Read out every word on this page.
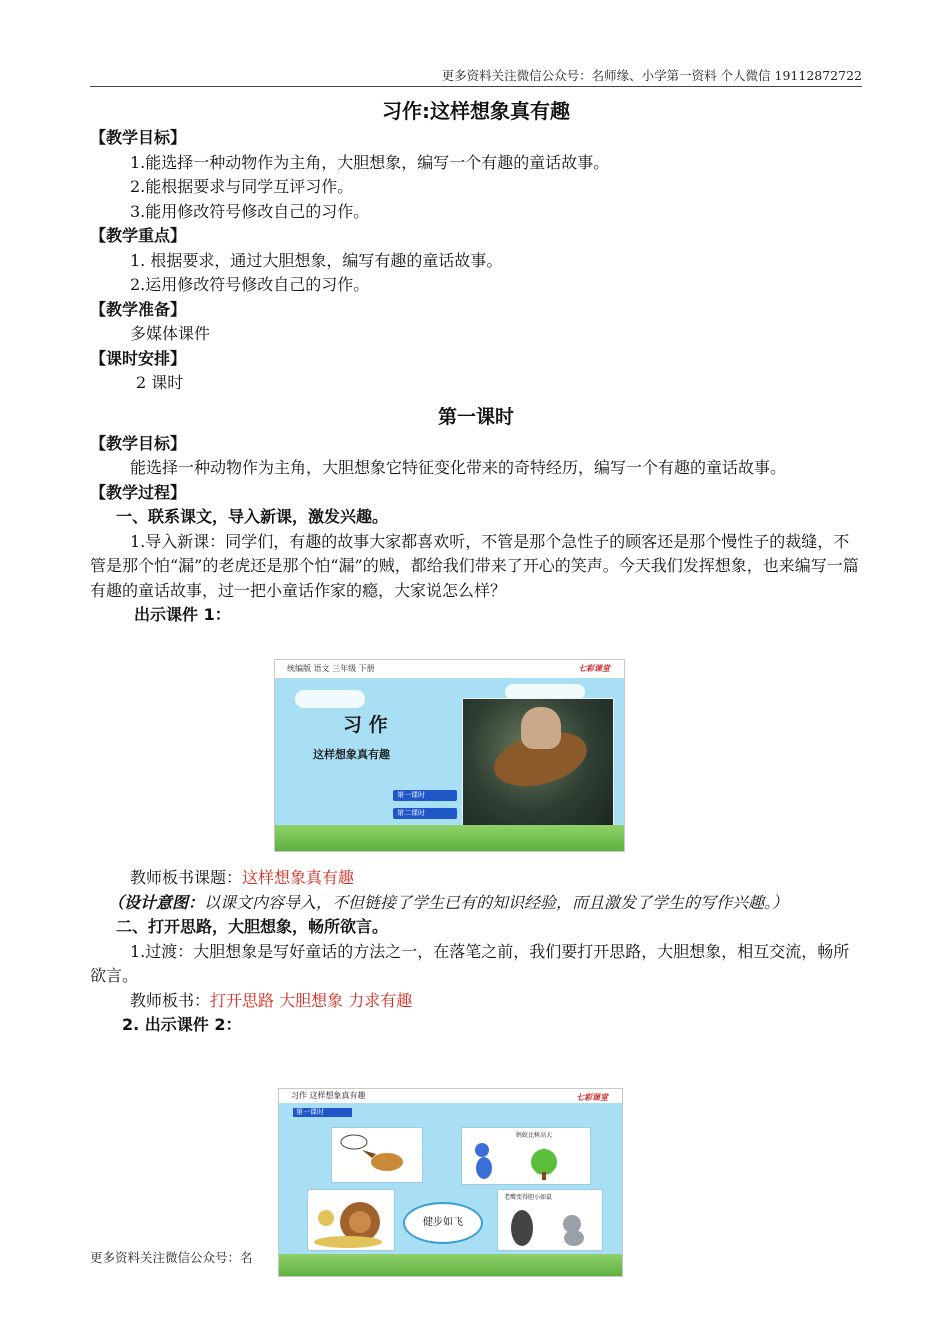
更多资料关注微信公众号：名师缘、小学第一资料 个人微信 19112872722
习作:这样想象真有趣
【教学目标】
1.能选择一种动物作为主角，大胆想象，编写一个有趣的童话故事。
2.能根据要求与同学互评习作。
3.能用修改符号修改自己的习作。
【教学重点】
1. 根据要求，通过大胆想象，编写有趣的童话故事。
2.运用修改符号修改自己的习作。
【教学准备】
多媒体课件
【课时安排】
2 课时
第一课时
【教学目标】
能选择一种动物作为主角，大胆想象它特征变化带来的奇特经历，编写一个有趣的童话故事。
【教学过程】
一、联系课文，导入新课，激发兴趣。
1.导入新课：同学们，有趣的故事大家都喜欢听，不管是那个急性子的顾客还是那个慢性子的裁缝，不管是那个怕“漏”的老虎还是那个怕“漏”的贼，都给我们带来了开心的笑声。今天我们发挥想象，也来编写一篇有趣的童话故事，过一把小童话作家的瘾，大家说怎么样？
出示课件 1：
教师板书课题：这样想象真有趣
（设计意图：以课文内容导入，不但链接了学生已有的知识经验，而且激发了学生的写作兴趣。）
二、打开思路，大胆想象，畅所欲言。
1.过渡：大胆想象是写好童话的方法之一，在落笔之前，我们要打开思路，大胆想象，相互交流，畅所欲言。
教师板书：打开思路 大胆想象 力求有趣
2. 出示课件 2：
统编版 语文 三年级 下册	七彩课堂
习 作
这样想象真有趣
第一课时
第二课时
习作 这样想象真有趣	七彩课堂
第一课时
蚂蚁比树高大
健步如飞
老鹰变得胆小如鼠
更多资料关注微信公众号：名
